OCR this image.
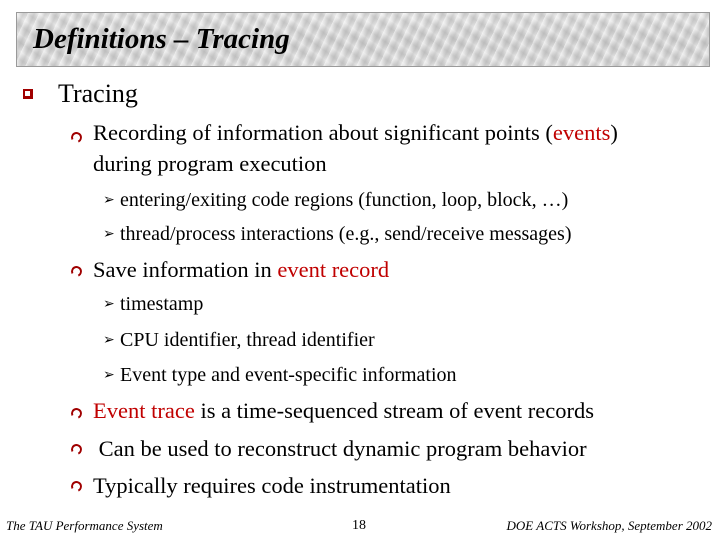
Definitions – Tracing
Tracing
Recording of information about significant points (events)
during program execution
➢ entering/exiting code regions (function, loop, block, …)
➢ thread/process interactions (e.g., send/receive messages)
Save information in event record
➢ timestamp
➢ CPU identifier, thread identifier
➢ Event type and event-specific information
Event trace is a time-sequenced stream of event records
Can be used to reconstruct dynamic program behavior
Typically requires code instrumentation
The TAU Performance System	18	DOE ACTS Workshop, September 2002
